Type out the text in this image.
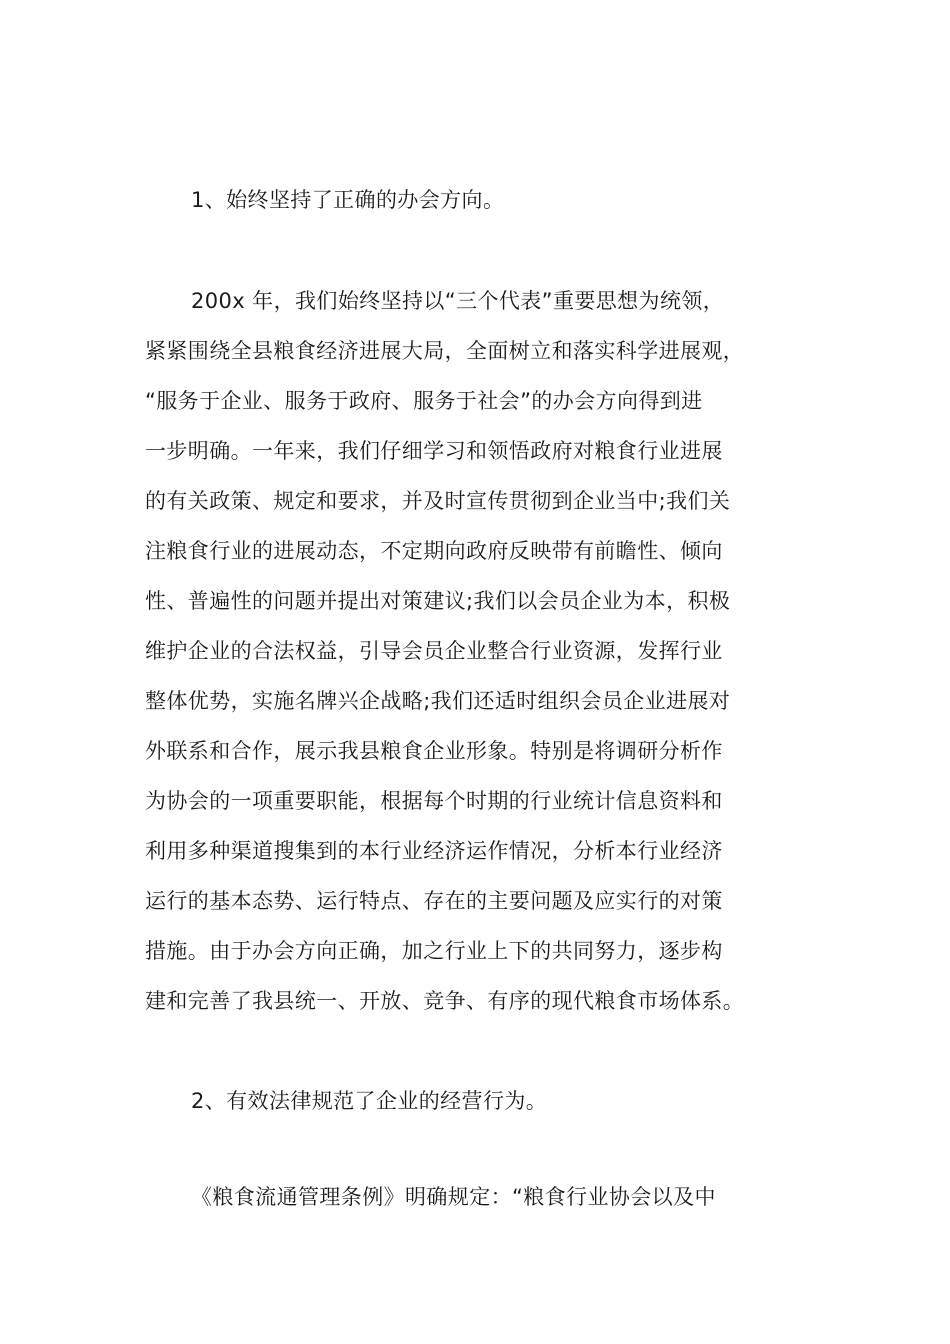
1、始终坚持了正确的办会方向。

200x 年，我们始终坚持以“三个代表”重要思想为统领，
紧紧围绕全县粮食经济进展大局，全面树立和落实科学进展观，
“服务于企业、服务于政府、服务于社会”的办会方向得到进
一步明确。一年来，我们仔细学习和领悟政府对粮食行业进展
的有关政策、规定和要求，并及时宣传贯彻到企业当中;我们关
注粮食行业的进展动态，不定期向政府反映带有前瞻性、倾向
性、普遍性的问题并提出对策建议;我们以会员企业为本，积极
维护企业的合法权益，引导会员企业整合行业资源，发挥行业
整体优势，实施名牌兴企战略;我们还适时组织会员企业进展对
外联系和合作，展示我县粮食企业形象。特别是将调研分析作
为协会的一项重要职能，根据每个时期的行业统计信息资料和
利用多种渠道搜集到的本行业经济运作情况，分析本行业经济
运行的基本态势、运行特点、存在的主要问题及应实行的对策
措施。由于办会方向正确，加之行业上下的共同努力，逐步构
建和完善了我县统一、开放、竞争、有序的现代粮食市场体系。

2、有效法律规范了企业的经营行为。

《粮食流通管理条例》明确规定：“粮食行业协会以及中
